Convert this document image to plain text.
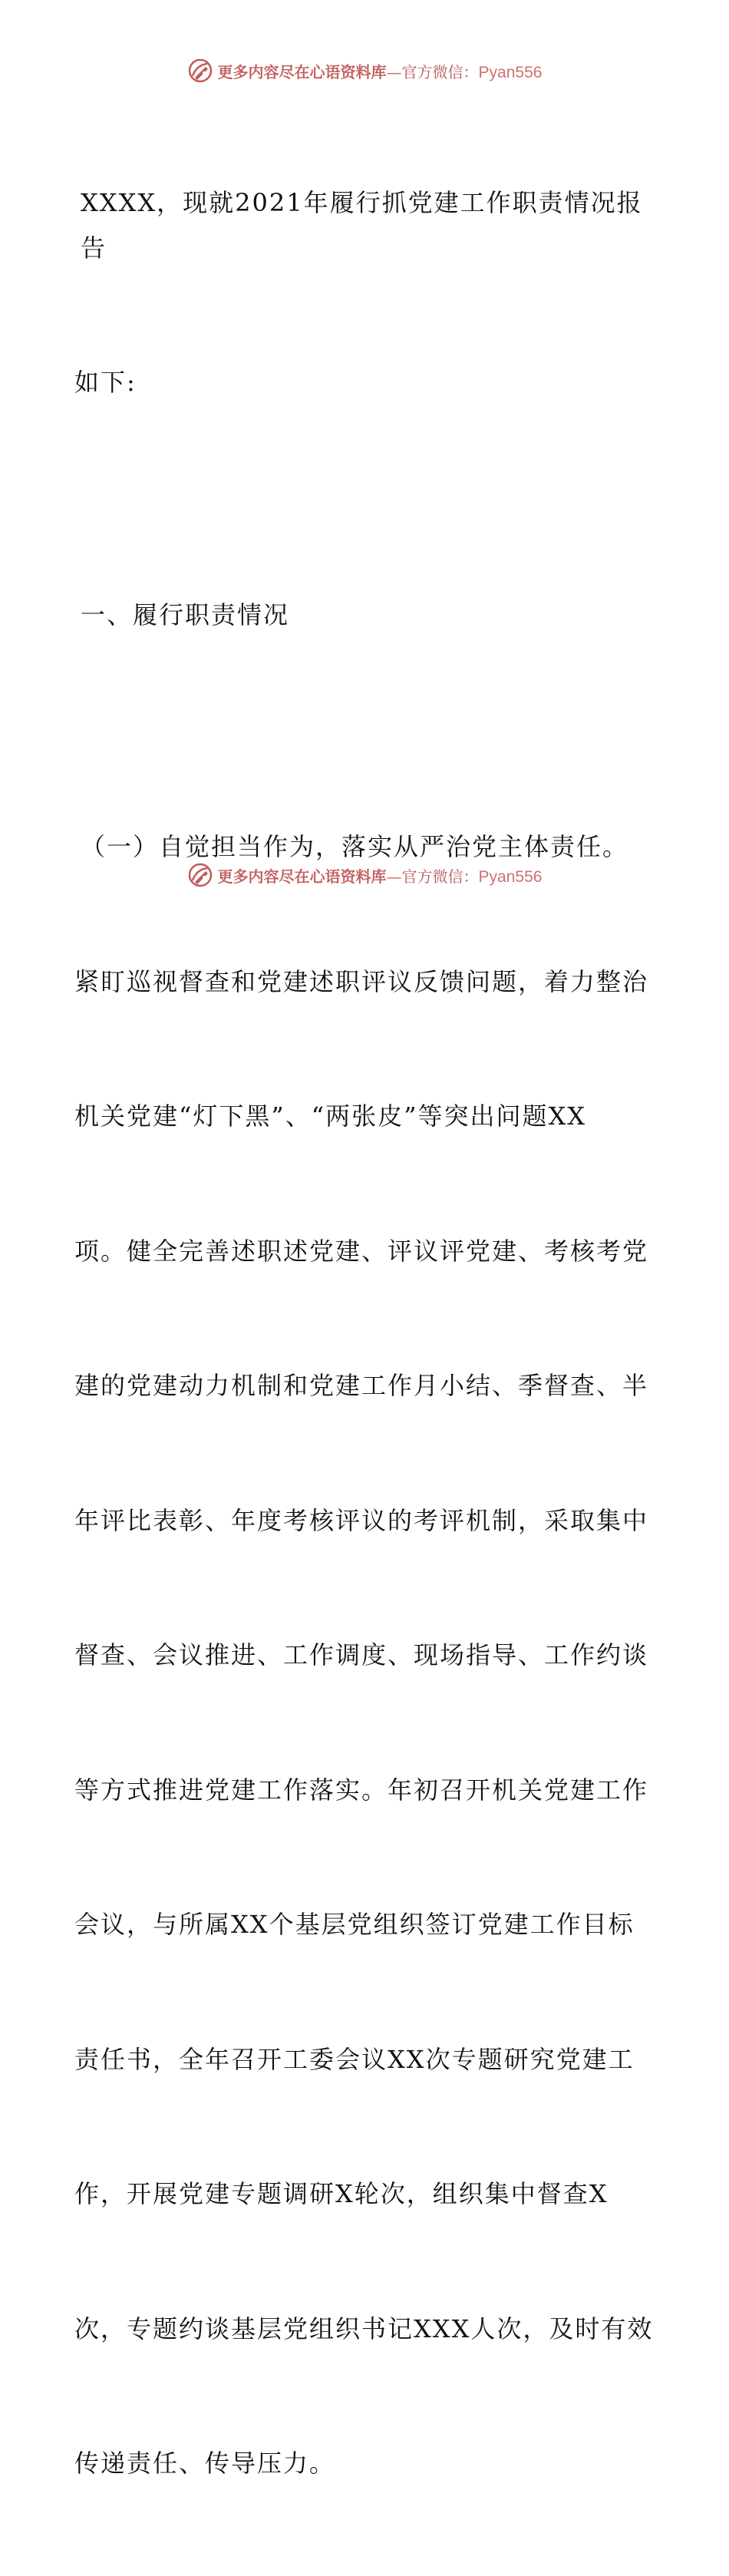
更多内容尽在心语资料库—官方微信：Pyan556

XXXX，现就2021年履行抓党建工作职责情况报告

如下:

一、履行职责情况

（一）自觉担当作为，落实从严治党主体责任。

紧盯巡视督查和党建述职评议反馈问题，着力整治

机关党建“灯下黑”、“两张皮”等突出问题XX

项。健全完善述职述党建、评议评党建、考核考党

建的党建动力机制和党建工作月小结、季督查、半

年评比表彰、年度考核评议的考评机制，采取集中

督查、会议推进、工作调度、现场指导、工作约谈

等方式推进党建工作落实。年初召开机关党建工作

会议，与所属XX个基层党组织签订党建工作目标

责任书，全年召开工委会议XX次专题研究党建工

作，开展党建专题调研X轮次，组织集中督查X

次，专题约谈基层党组织书记XXX人次，及时有效

传递责任、传导压力。

更多内容尽在心语资料库—官方微信：Pyan556
